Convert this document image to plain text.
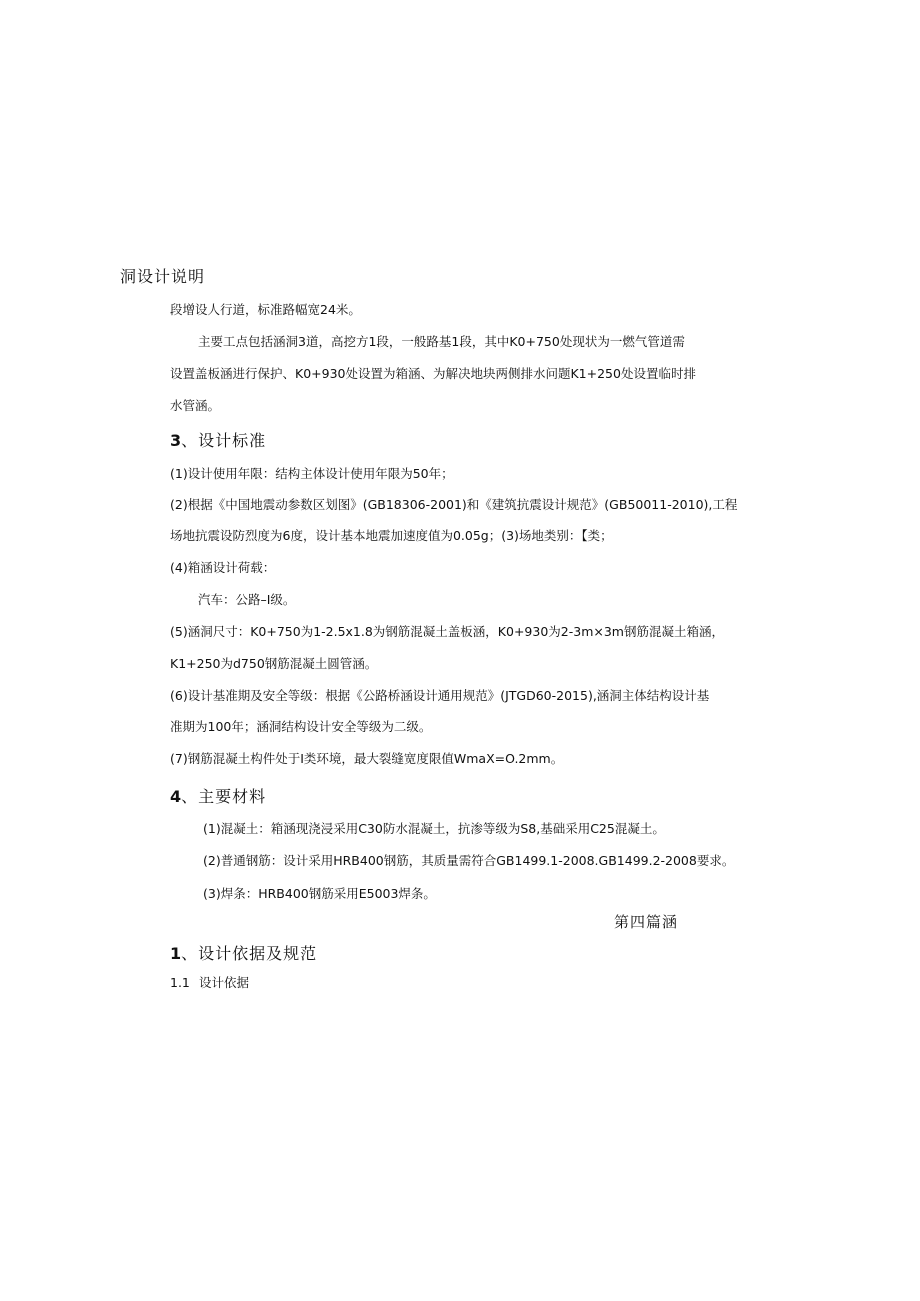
洞设计说明
段增设人行道，标准路幅宽24米。
主要工点包括涵洞3道，高挖方1段，一般路基1段，其中K0+750处现状为一燃气管道需
设置盖板涵进行保护、K0+930处设置为箱涵、为解决地块两侧排水问题K1+250处设置临时排
水管涵。
3、设计标准
(1)设计使用年限：结构主体设计使用年限为50年；
(2)根据《中国地震动参数区划图》(GB18306-2001)和《建筑抗震设计规范》(GB50011-2010),工程
场地抗震设防烈度为6度，设计基本地震加速度值为0.05g；(3)场地类别：【类；
(4)箱涵设计荷载：
汽车：公路–I级。
(5)涵洞尺寸：K0+750为1-2.5x1.8为钢筋混凝土盖板涵，K0+930为2-3m×3m钢筋混凝土箱涵，
K1+250为d750钢筋混凝土圆管涵。
(6)设计基准期及安全等级：根据《公路桥涵设计通用规范》(JTGD60-2015),涵洞主体结构设计基
准期为100年；涵洞结构设计安全等级为二级。
(7)钢筋混凝土构件处于I类环境，最大裂缝宽度限值WmaX=O.2mm。
4、主要材料
(1)混凝土：箱涵现浇浸采用C30防水混凝土，抗渗等级为S8,基础采用C25混凝土。
(2)普通钢筋：设计采用HRB400钢筋，其质量需符合GB1499.1-2008.GB1499.2-2008要求。
(3)焊条：HRB400钢筋采用E5003焊条。
第四篇涵
1、设计依据及规范
1.1 设计依据
